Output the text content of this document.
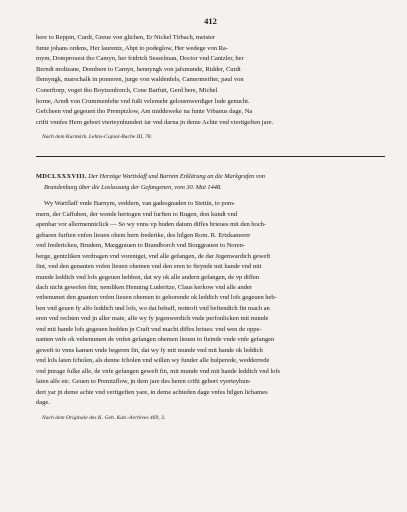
412
here to Reppin, Curdt, Greue von glichen, Er Nickel Tirbach, meister
funte johans ordens, Her laurentz, Abpt to podeglow, Her wedege von Ra-
mym, Domprouest tho Camyn, her fridrich Sesselman, Doctor vnd Cantzler, her
Berndt moltzane, Dombere to Camyn, hennyngk von jafsmunde, Ridder, Curdt
flemyngk, marschalk in pomeren, jurge von waldenfels, Camermeifter, paul von
Conerftorp, voget tho Boytzenborch, Cone Barfutt, Gerd bere, Michel
horne, Arndt von Crummenfehe vnd fußt velemehr gelouenwerdiger lude genucht.
Gefcheen vnd gegeuen tho Premptzlow, Am middeweke na funte Vrbanus dage, Na
crifti vnnfes Hern gebort vierteynhundert iar vnd darna jn deme Achte vnd viertigeften jare.
Nach dem Kurmärk. Lehns-Copial-Buche III, 78.
MDCLXXXVIII. Der Herzöge Wartislaff und Barnim Erklärung an die Markgrafen von
Brandenburg über die Loslassung der Gefangenen, vom 30. Mai 1448.
Wy Wartflaff vnde Barnym, veddern, van gadesgnaden to Stettin, to pom-
mern, der Caffuben, der wende hertogen vnd furften to Rugen, don kundt vnd
apenbar vor allermenniclick — So wy vnns vp huden datum diffes brieues mit den hoch-
gebaren furften vnfen lieuen ohem hern frederike, des hilgen Rom. R. Ertzkamerer
vnd frederickeu, Brudern, Marggrauen to Brandborch vnd Borggrauen to Noren-
berge, gentzliken verdragen vnd voreniget, vnd alle gefangen, de dar Jegenwardich geweft
fint, vnd den genanten vnfen lieuen ohemen vnd den eren to fteynde mit hande vnd mit
munde leddich vnd lofs gegeuen hebben, dat wy ok alle andern gefangen, de vp diffen
dach nicht gewefen fint, nemliken Henning Luderitze, Claus kerkow vnd alle ander
vnbenumet den gnanten vnfen lieuen ohemen to gehorende ok leddich vnd lofs gegeuen heb-
ben vnd geuen fy alfo leddich und lofs, wo dat behuff, nottroft vnd beftendich fin mach an
eren vnd rechten vnd jn aller mate, alfe wy fy jegenwerdich vnde perfonlicken mit munde
vnd mit hande lofs gegeuen hedden jn Craft vnd macht diffes briues: vnd wen de oppe-
nanten vnfe ok vnbenumen de vnfen gefangen ohemen lieuen to fteinde vnde vnfe gefangen
geweft to vnns kamen vnde begeren fin, dat wy fy mit munde vnd mit hande ok leddich
vnd lofs laten fcholen, als denne fcholen vnd willen wy funder alle hulperede, wedderrede
vnd jntrage fulke alle, de vnfe gefangen geweft fin, mit munde vnd mit hande leddich vnd lofs
laten alfe etc. Geuen to Premtzflow, jn dem jare des heren crifti gebort vyerteyhun-
dert yar jn deme achte vnd vertigeften yare, in deme achteden dage vnfes hilgen lichames
dage.
Nach dem Originale des K. Geh. Kab.-Archives 469, 3.
